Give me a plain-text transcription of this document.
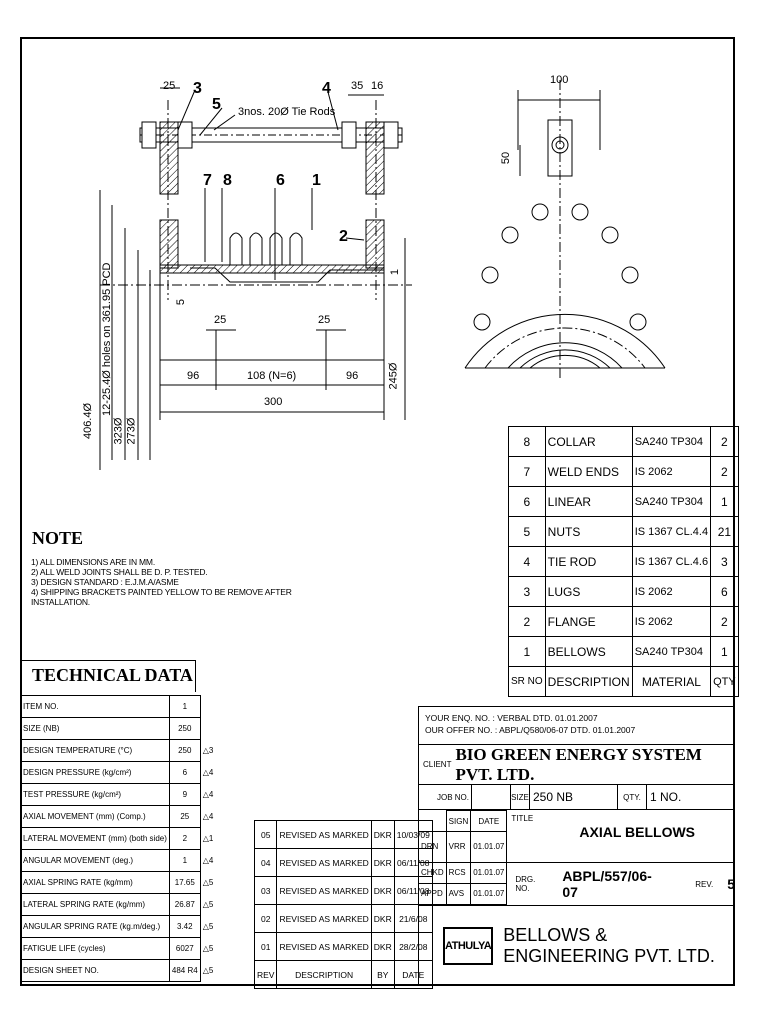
25 3
5 3nos. 20Ø Tie Rods
4 35 16
7 8	6 1
2
5
25	25
96	108 (N=6)	96
300
1
245Ø
406.4Ø
12-25.4Ø holes on 361.95 PCD
323Ø 273Ø
100
50
NOTE
1) ALL DIMENSIONS ARE IN MM.
2) ALL WELD JOINTS SHALL BE D. P. TESTED.
3) DESIGN STANDARD : E.J.M.A/ASME
4) SHIPPING BRACKETS PAINTED YELLOW TO BE REMOVE AFTER
INSTALLATION.
8	COLLAR	SA240 TP304	2
7	WELD ENDS	IS 2062	2
6	LINEAR	SA240 TP304	1
5	NUTS	IS 1367 CL.4.4	21
4	TIE ROD	IS 1367 CL.4.6	3
3	LUGS	IS 2062	6
2	FLANGE	IS 2062	2
1	BELLOWS	SA240 TP304	1
SR NO	DESCRIPTION	MATERIAL	QTY
TECHNICAL DATA
ITEM NO.	1	
SIZE (NB)	250	
DESIGN TEMPERATURE (°C)	250	△3
DESIGN PRESSURE (kg/cm²)	6	△4
TEST PRESSURE (kg/cm²)	9	△4
AXIAL MOVEMENT (mm) (Comp.)	25	△4
LATERAL MOVEMENT (mm) (both side)	2	△1
ANGULAR MOVEMENT (deg.)	1	△4
AXIAL SPRING RATE (kg/mm)	17.65	△5
LATERAL SPRING RATE (kg/mm)	26.87	△5
ANGULAR SPRING RATE (kg.m/deg.)	3.42	△5
FATIGUE LIFE (cycles)	6027	△5
DESIGN SHEET NO.	484 R4	△5
05	REVISED AS MARKED	DKR	10/03/09
04	REVISED AS MARKED	DKR	06/11/08
03	REVISED AS MARKED	DKR	06/11/08
02	REVISED AS MARKED	DKR	21/6/08
01	REVISED AS MARKED	DKR	28/2/08
REV	DESCRIPTION	BY	DATE
YOUR ENQ. NO. : VERBAL DTD. 01.01.2007
OUR OFFER NO. : ABPL/Q580/06-07 DTD. 01.01.2007
CLIENT
BIO GREEN ENERGY SYSTEM PVT. LTD.
JOB NO.	SIZE 250 NB	QTY. 1 NO.
	SIGN	DATE
DRN	VRR	01.01.07
CHKD	RCS	01.01.07
APPD	AVS	01.01.07
TITLE
AXIAL BELLOWS
DRG. NO.
ABPL/557/06-07	REV. 5
ATHULYA
BELLOWS & ENGINEERING PVT. LTD.
